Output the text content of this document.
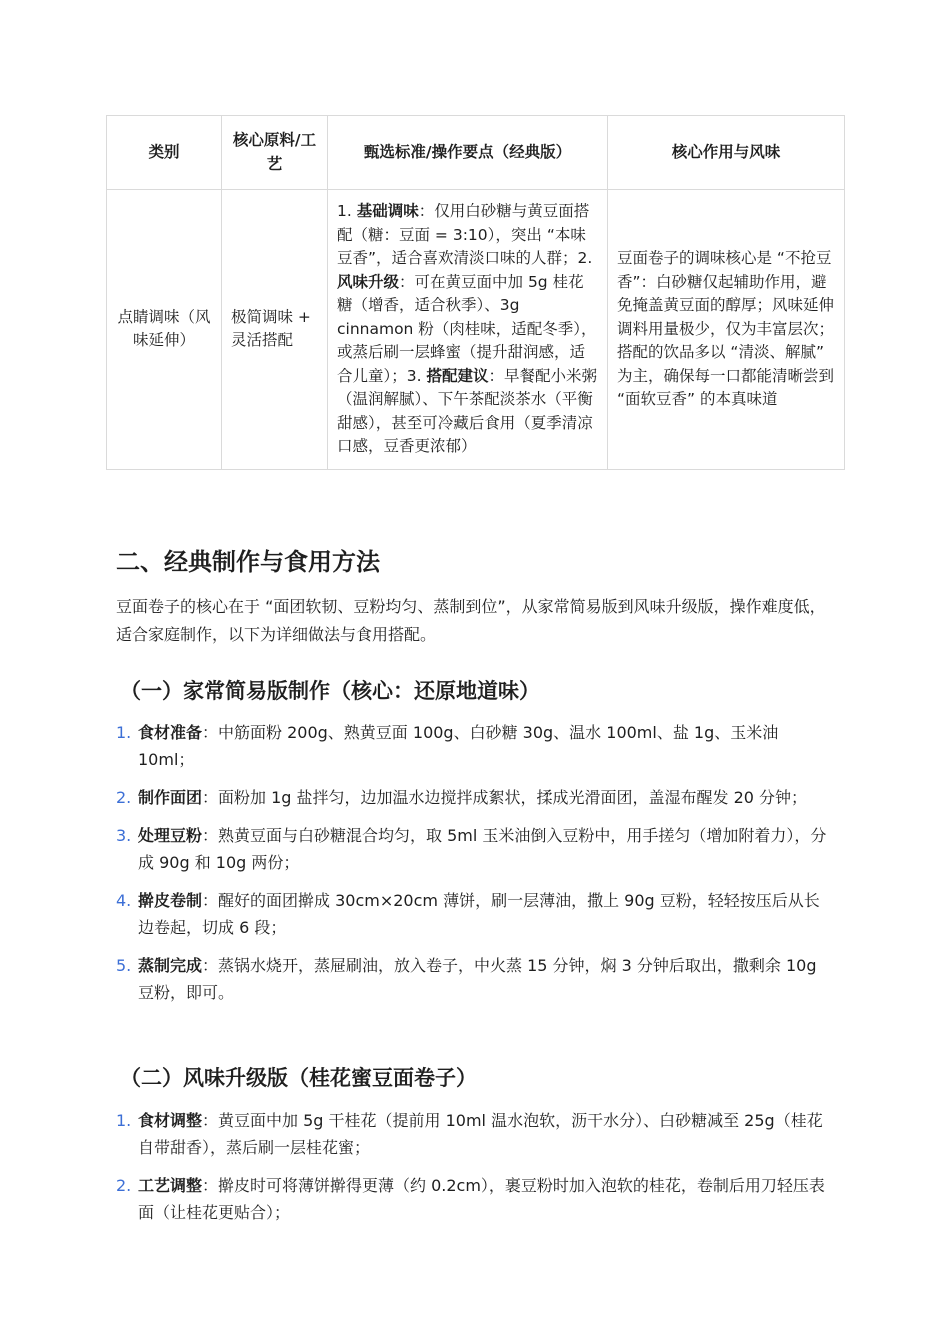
类别	核心原料/工艺	甄选标准/操作要点（经典版）	核心作用与风味
点睛调味（风味延伸）	极简调味 + 灵活搭配	1. 基础调味：仅用白砂糖与黄豆面搭配（糖：豆面 = 3:10），突出 “本味豆香”，适合喜欢清淡口味的人群；2. 风味升级：可在黄豆面中加 5g 桂花糖（增香，适合秋季）、3g cinnamon 粉（肉桂味，适配冬季），或蒸后刷一层蜂蜜（提升甜润感，适合儿童）；3. 搭配建议：早餐配小米粥（温润解腻）、下午茶配淡茶水（平衡甜感），甚至可冷藏后食用（夏季清凉口感，豆香更浓郁）	豆面卷子的调味核心是 “不抢豆香”：白砂糖仅起辅助作用，避免掩盖黄豆面的醇厚；风味延伸调料用量极少，仅为丰富层次；搭配的饮品多以 “清淡、解腻” 为主，确保每一口都能清晰尝到 “面软豆香” 的本真味道
二、经典制作与食用方法

豆面卷子的核心在于 “面团软韧、豆粉均匀、蒸制到位”，从家常简易版到风味升级版，操作难度低，适合家庭制作，以下为详细做法与食用搭配。

（一）家常简易版制作（核心：还原地道味）
1. 食材准备：中筋面粉 200g、熟黄豆面 100g、白砂糖 30g、温水 100ml、盐 1g、玉米油 10ml；
2. 制作面团：面粉加 1g 盐拌匀，边加温水边搅拌成絮状，揉成光滑面团，盖湿布醒发 20 分钟；
3. 处理豆粉：熟黄豆面与白砂糖混合均匀，取 5ml 玉米油倒入豆粉中，用手搓匀（增加附着力），分成 90g 和 10g 两份；
4. 擀皮卷制：醒好的面团擀成 30cm×20cm 薄饼，刷一层薄油，撒上 90g 豆粉，轻轻按压后从长边卷起，切成 6 段；
5. 蒸制完成：蒸锅水烧开，蒸屉刷油，放入卷子，中火蒸 15 分钟，焖 3 分钟后取出，撒剩余 10g 豆粉，即可。
（二）风味升级版（桂花蜜豆面卷子）
1. 食材调整：黄豆面中加 5g 干桂花（提前用 10ml 温水泡软，沥干水分）、白砂糖减至 25g（桂花自带甜香），蒸后刷一层桂花蜜；
2. 工艺调整：擀皮时可将薄饼擀得更薄（约 0.2cm），裹豆粉时加入泡软的桂花，卷制后用刀轻压表面（让桂花更贴合）；
